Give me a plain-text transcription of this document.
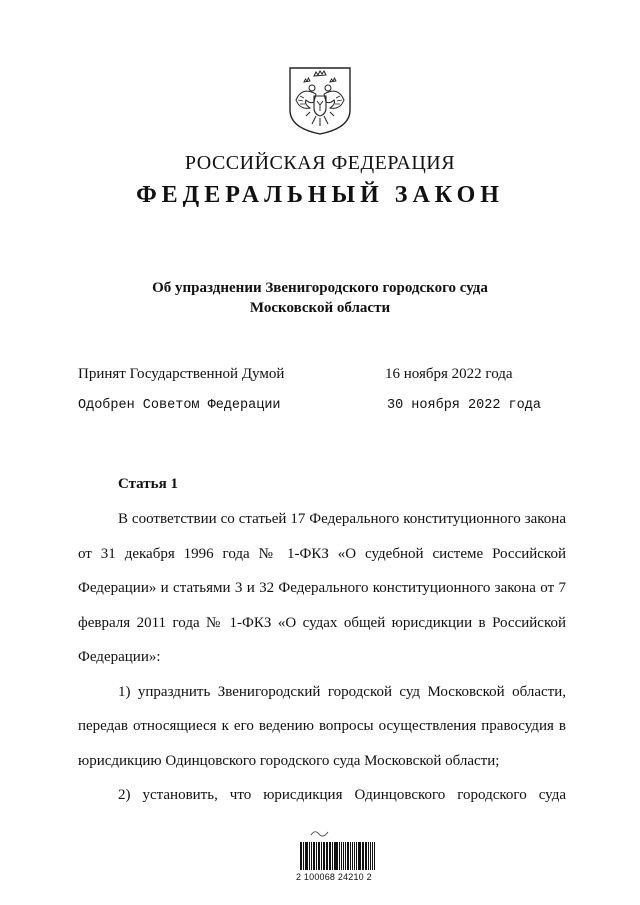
РОССИЙСКАЯ ФЕДЕРАЦИЯ
ФЕДЕРАЛЬНЫЙ ЗАКОН
Об упразднении Звенигородского городского суда
Московской области
Принят Государственной Думой	16 ноября 2022 года
Одобрен Советом Федерации	30 ноября 2022 года
Статья 1

В соответствии со статьей 17 Федерального конституционного закона от 31 декабря 1996 года № 1-ФКЗ «О судебной системе Российской Федерации» и статьями 3 и 32 Федерального конституционного закона от 7 февраля 2011 года № 1-ФКЗ «О судах общей юрисдикции в Российской Федерации»:

1) упразднить Звенигородский городской суд Московской области, передав относящиеся к его ведению вопросы осуществления правосудия в юрисдикцию Одинцовского городского суда Московской области;

2) установить, что юрисдикция Одинцовского городского суда

2 100068 24210 2
